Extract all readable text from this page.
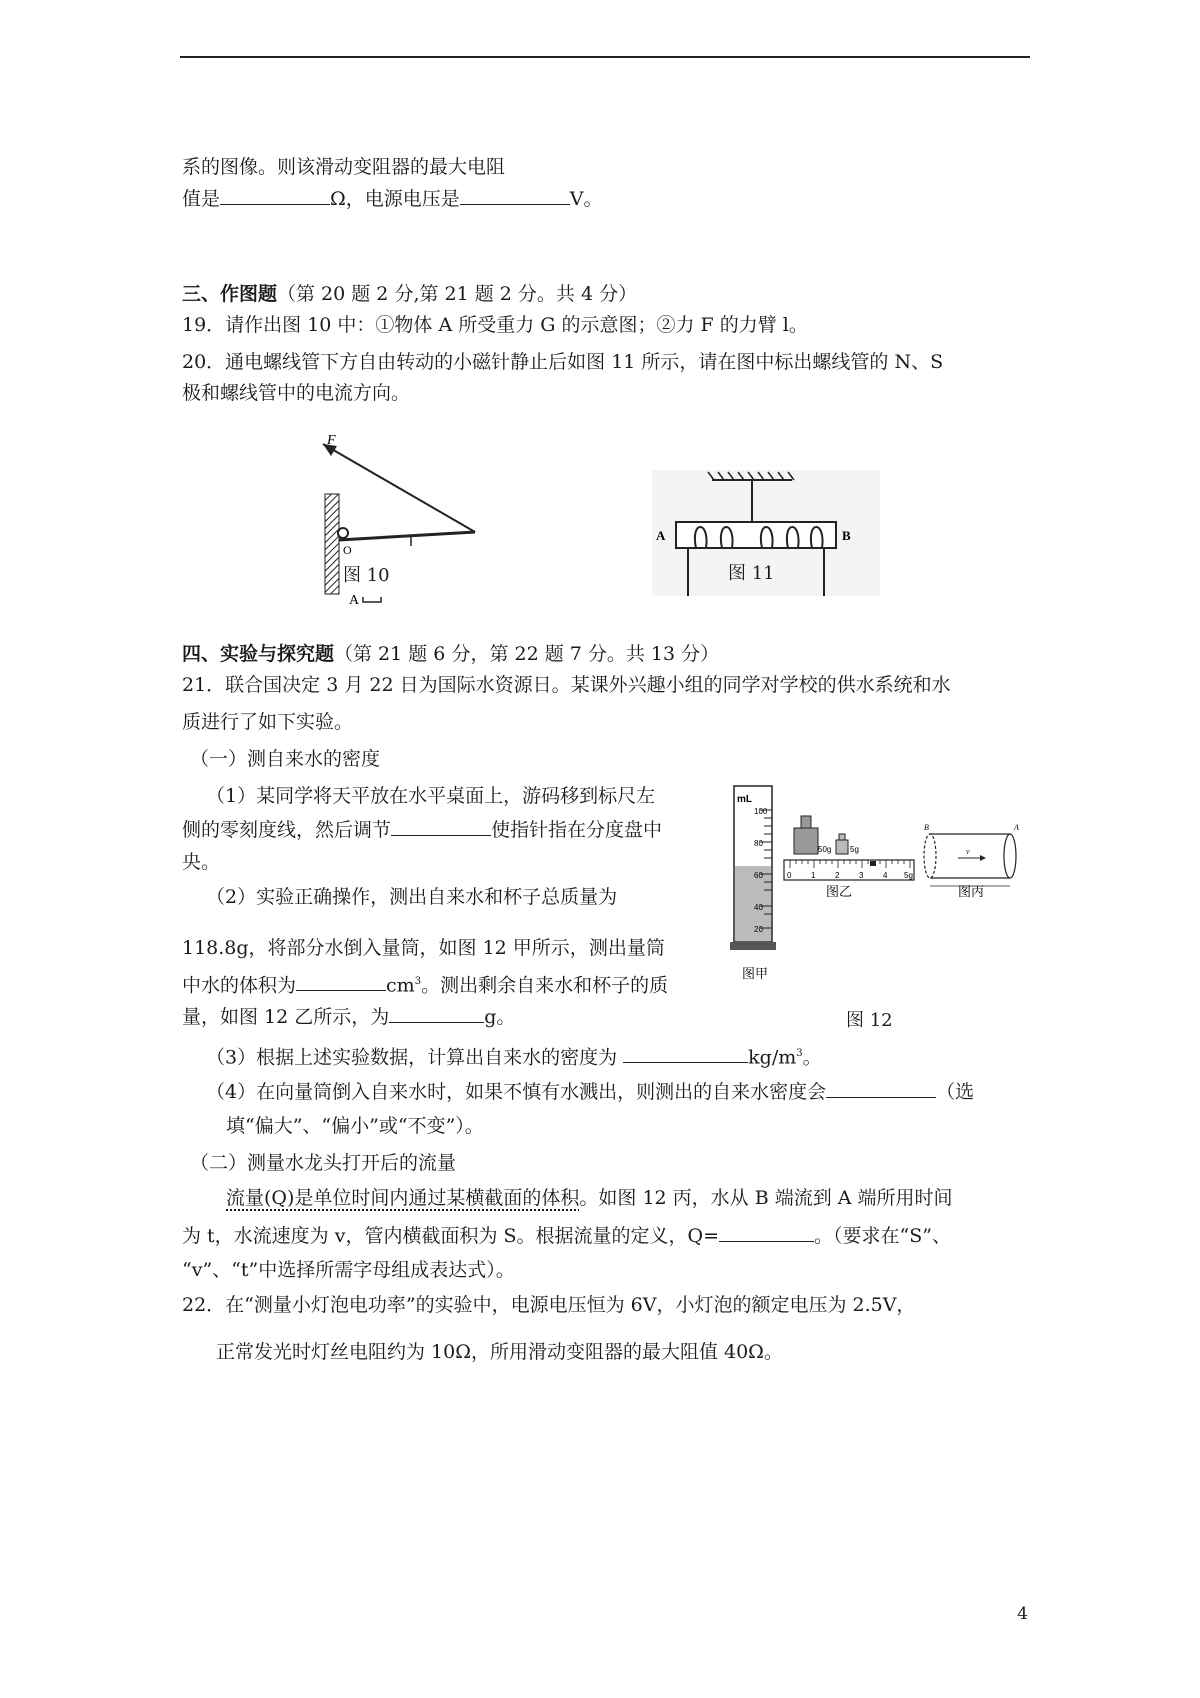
系的图像。则该滑动变阻器的最大电阻
值是	Ω，电源电压是	V。
三、作图题（第 20 题 2 分,第 21 题 2 分。共 4 分）
19．请作出图 10 中：①物体 A 所受重力 G 的示意图；②力 F 的力臂 l。
20．通电螺线管下方自由转动的小磁针静止后如图 11 所示，请在图中标出螺线管的 N、S
极和螺线管中的电流方向。
F
O
A
图 10
A	B
图 11
四、实验与探究题（第 21 题 6 分，第 22 题 7 分。共 13 分）
21．联合国决定 3 月 22 日为国际水资源日。某课外兴趣小组的同学对学校的供水系统和水
质进行了如下实验。
（一）测自来水的密度
（1）某同学将天平放在水平桌面上，游码移到标尺左
侧的零刻度线，然后调节	使指针指在分度盘中
央。
（2）实验正确操作，测出自来水和杯子总质量为
118.8g，将部分水倒入量筒，如图 12 甲所示，测出量筒
中水的体积为	$cm^3$。测出剩余自来水和杯子的质
量，如图 12 乙所示，为	g。
（3）根据上述实验数据，计算出自来水的密度为	$kg/m^3$。
（4）在向量筒倒入自来水时，如果不慎有水溅出，则测出的自来水密度会	（选
填“偏大”、“偏小”或“不变”）。
（二）测量水龙头打开后的流量
流量(Q)是单位时间内通过某横截面的体积。如图 12 丙，水从 B 端流到 A 端所用时间
为 t，水流速度为 v，管内横截面积为 S。根据流量的定义，Q=	。（要求在“S”、
“v”、“t”中选择所需字母组成表达式）。
22．在“测量小灯泡电功率”的实验中，电源电压恒为 6V，小灯泡的额定电压为 2.5V，
正常发光时灯丝电阻约为 10Ω，所用滑动变阻器的最大阻值 40Ω。
mL
100
80
60
40
20
图甲
50g 5g
0 1 2 3 4 5g
图乙
B	A
v
图丙
图 12
4
